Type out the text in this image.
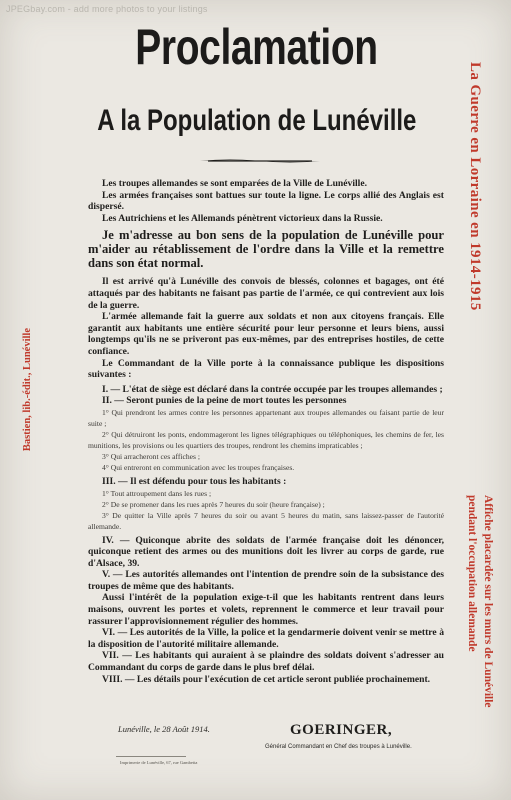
JPEGbay.com - add more photos to your listings
Proclamation
A la Population de Lunéville	La Guerre en Lorraine en 1914-1915
Affiche placardée sur les murs de Lunéville
pendant l'occupation allemande
Bastien, lib.-édit., Lunéville

Les troupes allemandes se sont emparées de la Ville de Lunéville.

Les armées françaises sont battues sur toute la ligne. Le corps allié des Anglais est dispersé.

Les Autrichiens et les Allemands pénètrent victorieux dans la Russie.

Je m'adresse au bon sens de la population de Lunéville pour m'aider au rétablissement de l'ordre dans la Ville et la remettre dans son état normal.

Il est arrivé qu'à Lunéville des convois de blessés, colonnes et bagages, ont été attaqués par des habitants ne faisant pas partie de l'armée, ce qui contrevient aux lois de la guerre.

L'armée allemande fait la guerre aux soldats et non aux citoyens français. Elle garantit aux habitants une entière sécurité pour leur personne et leurs biens, aussi longtemps qu'ils ne se priveront pas eux-mêmes, par des entreprises hostiles, de cette confiance.

Le Commandant de la Ville porte à la connaissance publique les dispositions suivantes :

I. — L'état de siège est déclaré dans la contrée occupée par les troupes allemandes ;

II. — Seront punies de la peine de mort toutes les personnes

1° Qui prendront les armes contre les personnes appartenant aux troupes allemandes ou faisant partie de leur suite ;

2° Qui détruiront les ponts, endommageront les lignes télégraphiques ou téléphoniques, les chemins de fer, les munitions, les provisions ou les quartiers des troupes, rendront les chemins impraticables ;

3° Qui arracheront ces affiches ;

4° Qui entreront en communication avec les troupes françaises.

III. — Il est défendu pour tous les habitants :

1° Tout attroupement dans les rues ;

2° De se promener dans les rues après 7 heures du soir (heure française) ;

3° De quitter la Ville après 7 heures du soir ou avant 5 heures du matin, sans laissez-passer de l'autorité allemande.

IV. — Quiconque abrite des soldats de l'armée française doit les dénoncer, quiconque retient des armes ou des munitions doit les livrer au corps de garde, rue d'Alsace, 39.

V. — Les autorités allemandes ont l'intention de prendre soin de la subsistance des troupes de même que des habitants.

Aussi l'intérêt de la population exige-t-il que les habitants rentrent dans leurs maisons, ouvrent les portes et volets, reprennent le commerce et leur travail pour rassurer l'approvisionnement régulier des hommes.

VI. — Les autorités de la Ville, la police et la gendarmerie doivent venir se mettre à la disposition de l'autorité militaire allemande.

VII. — Les habitants qui auraient à se plaindre des soldats doivent s'adresser au Commandant du corps de garde dans le plus bref délai.

VIII. — Les détails pour l'exécution de cet article seront publiée prochainement.

Lunéville, le 28 Août 1914.	GOERINGER,
Général Commandant en Chef des troupes à Lunéville.
Imprimerie de Lunéville, 67, rue Gambetta
